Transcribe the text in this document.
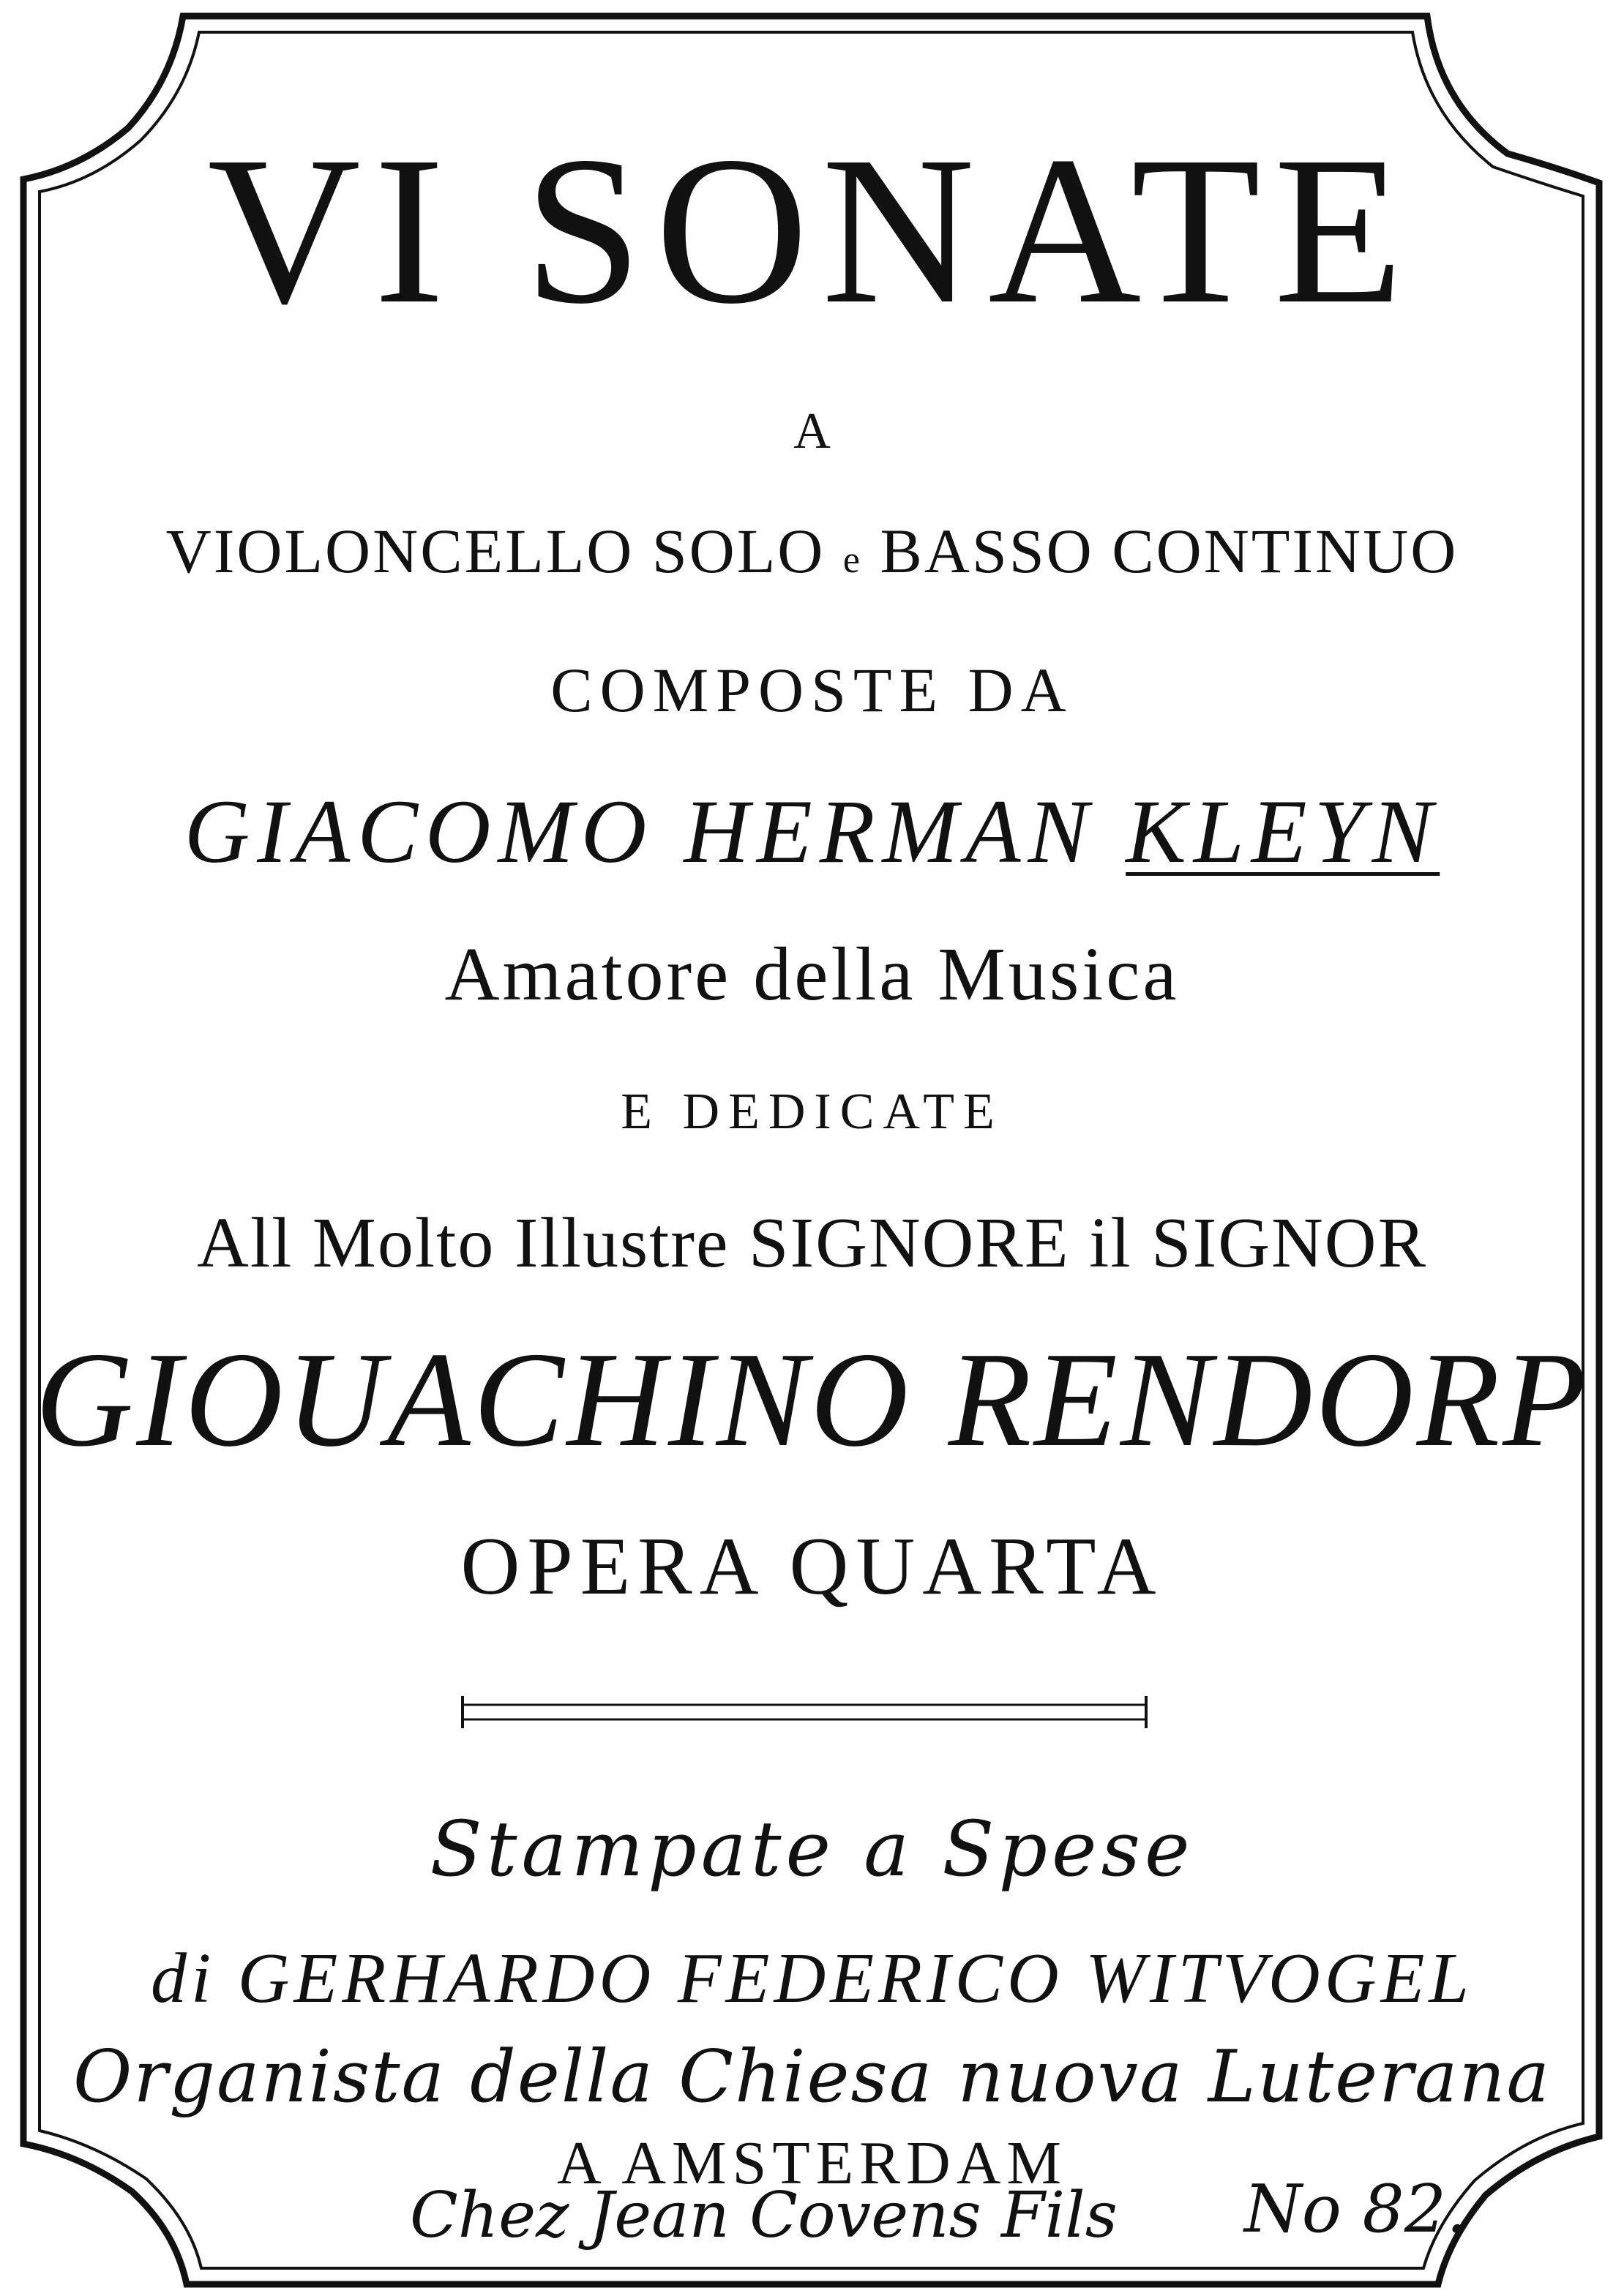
VI SONATE
A
VIOLONCELLO SOLO e BASSO CONTINUO
COMPOSTE DA
GIACOMO HERMAN KLEYN
Amatore della Musica
E DEDICATE
All Molto Illustre SIGNORE il SIGNOR
GIOUACHINO RENDORP
OPERA QUARTA
Stampate a Spese
di GERHARDO FEDERICO WITVOGEL
Organista della Chiesa nuova Luterana
A AMSTERDAM
Chez Jean Covens Fils No 82.
